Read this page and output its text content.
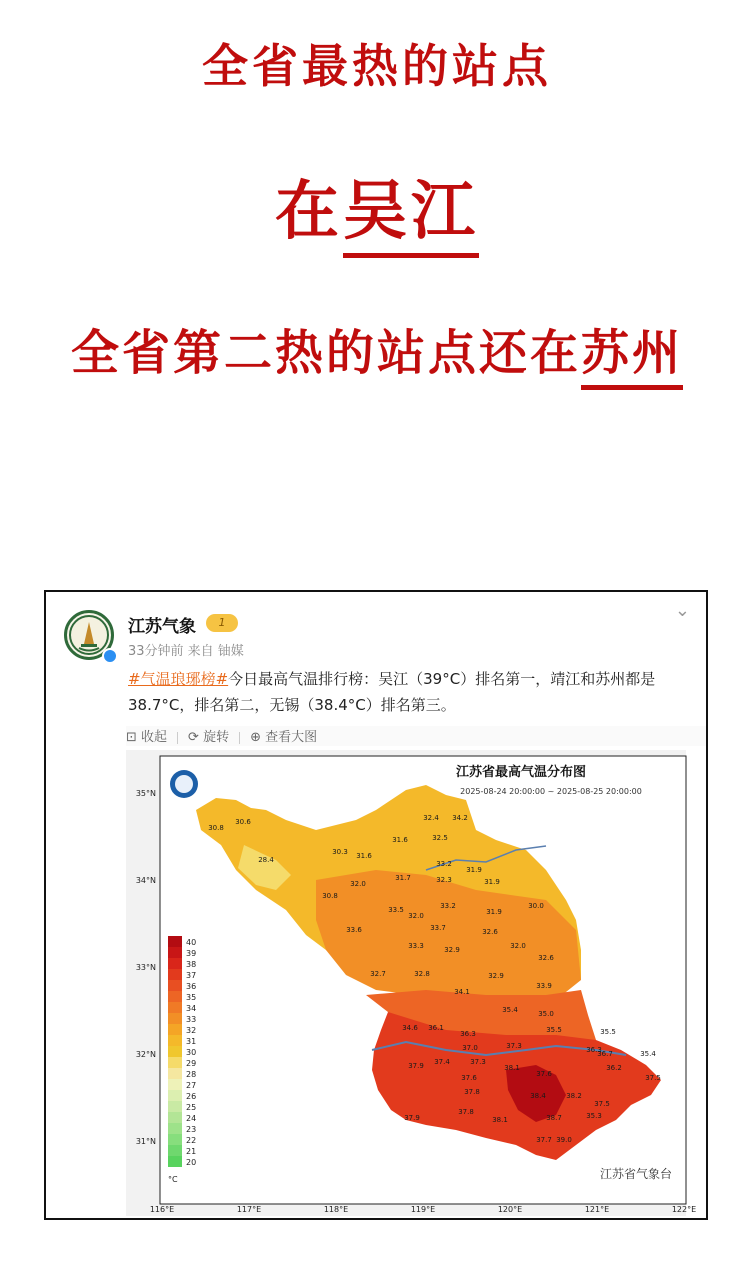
全省最热的站点
在吴江
全省第二热的站点还在苏州
江苏气象	1
33分钟前 来自 铀媒
⌄
#气温琅琊榜#今日最高气温排行榜：吴江（39°C）排名第一，靖江和苏州都是38.7°C，排名第二，无锡（38.4°C）排名第三。
⊡ 收起 ⟳ 旋转 ⊕ 查看大图
35°N
34°N
33°N
32°N
31°N
116°E	117°E	118°E	119°E	120°E	121°E	122°E
30.8
30.6
28.4
30.3 31.6
31.6
32.4 34.2
32.5
33.2
31.9
31.7	32.3	31.9
32.0
30.8
33.5
32.0
33.2
31.9
30.0
33.7	32.6
33.6
33.3	32.9	32.0
32.6
32.7	32.8	32.9
33.9
34.1
35.4	35.0
34.6 36.1
36.3	35.5	35.5
36.3
37.3
37.0
36.7	35.4
37.9 37.4	37.3
38.1
37.6
36.2
37.5
37.6
37.8	38.4	38.2
37.5
37.9
37.8
38.1	38.7	35.3
37.7 39.0
40
39
38
37
36
35
34
33
32
31
30
29
28
27
26
25
24
23
22
21
20
°C
江苏省最高气温分布图
2025-08-24 20:00:00 ~ 2025-08-25 20:00:00
江苏省气象台
